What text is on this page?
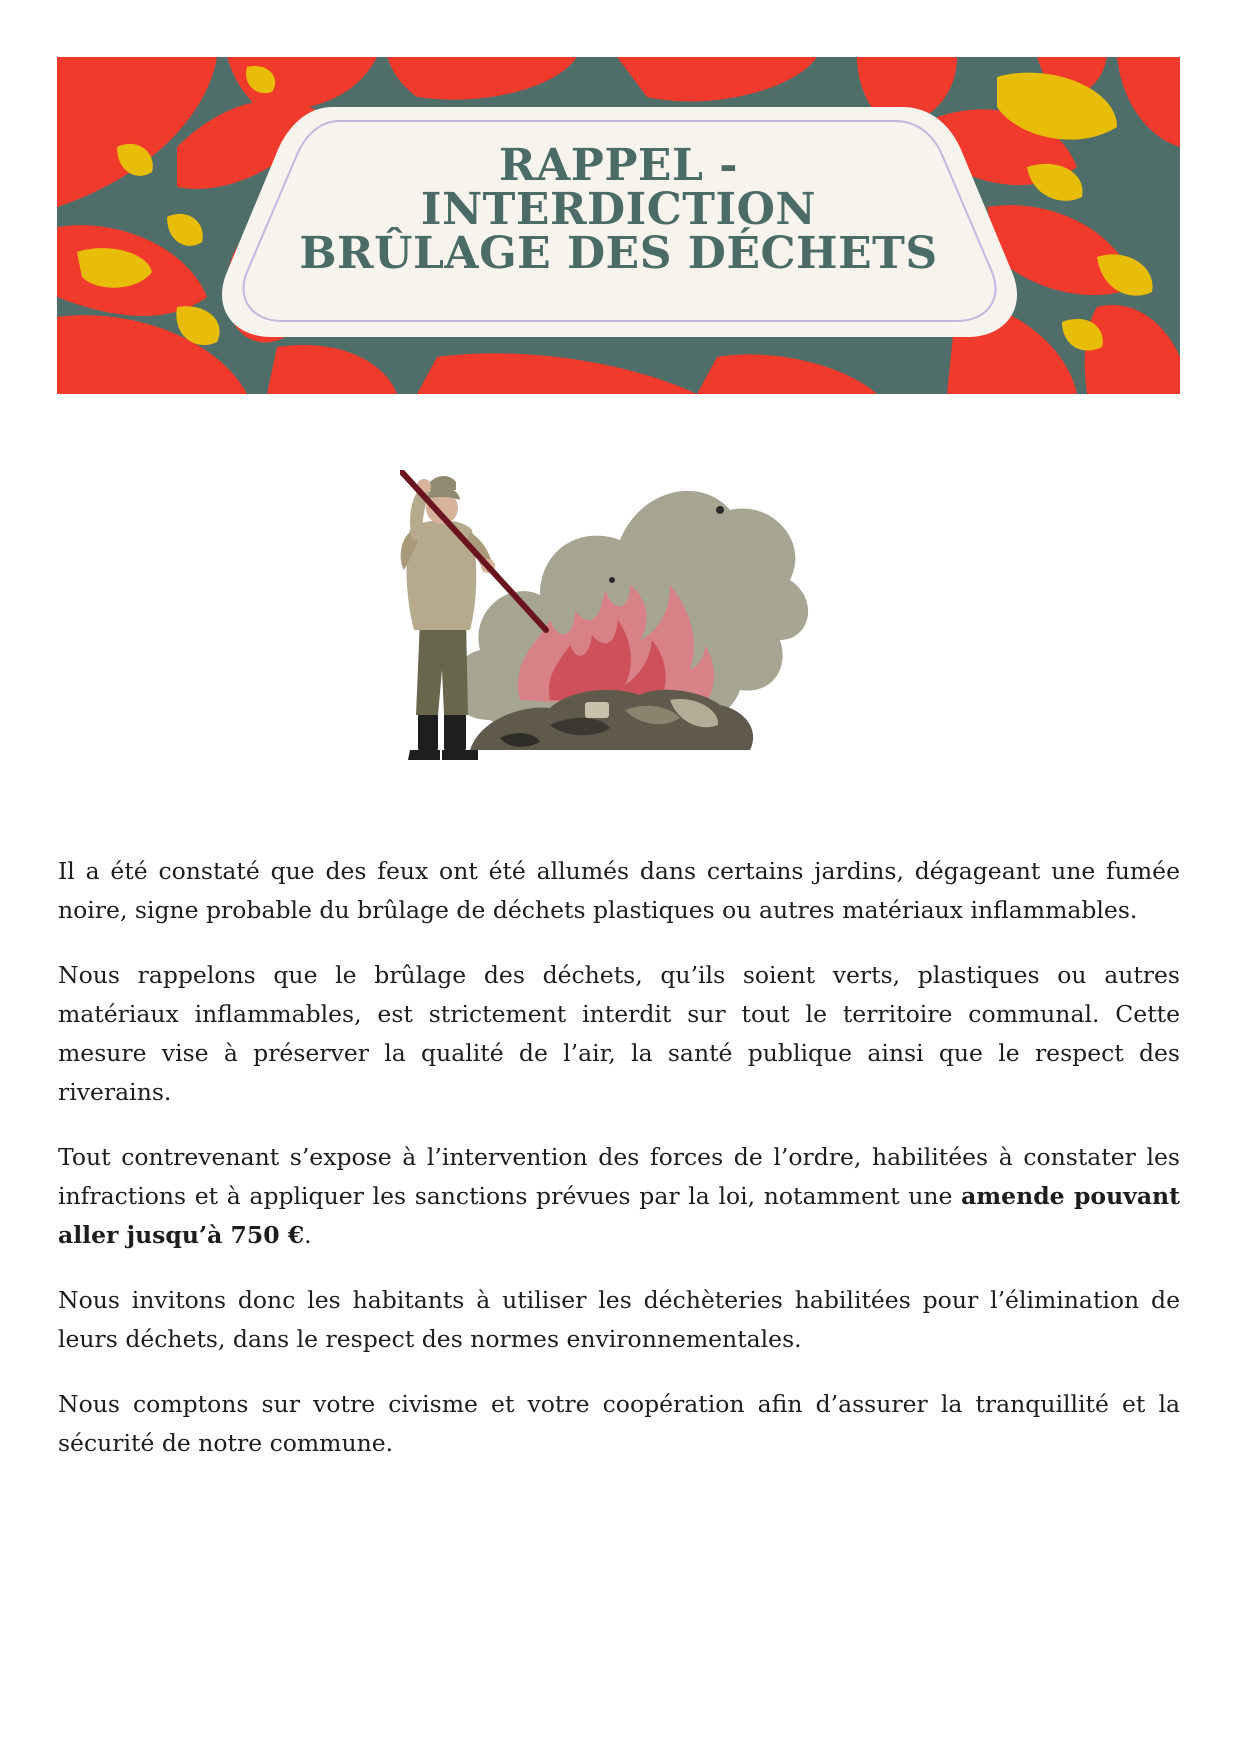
RAPPEL -
INTERDICTION
BRÛLAGE DES DÉCHETS

Il a été constaté que des feux ont été allumés dans certains jardins, dégageant une fumée noire, signe probable du brûlage de déchets plastiques ou autres matériaux inflammables.

Nous rappelons que le brûlage des déchets, qu’ils soient verts, plastiques ou autres matériaux inflammables, est strictement interdit sur tout le territoire communal. Cette mesure vise à préserver la qualité de l’air, la santé publique ainsi que le respect des riverains.

Tout contrevenant s’expose à l’intervention des forces de l’ordre, habilitées à constater les infractions et à appliquer les sanctions prévues par la loi, notamment une amende pouvant aller jusqu’à 750 €.

Nous invitons donc les habitants à utiliser les déchèteries habilitées pour l’élimination de leurs déchets, dans le respect des normes environnementales.

Nous comptons sur votre civisme et votre coopération afin d’assurer la tranquillité et la sécurité de notre commune.
